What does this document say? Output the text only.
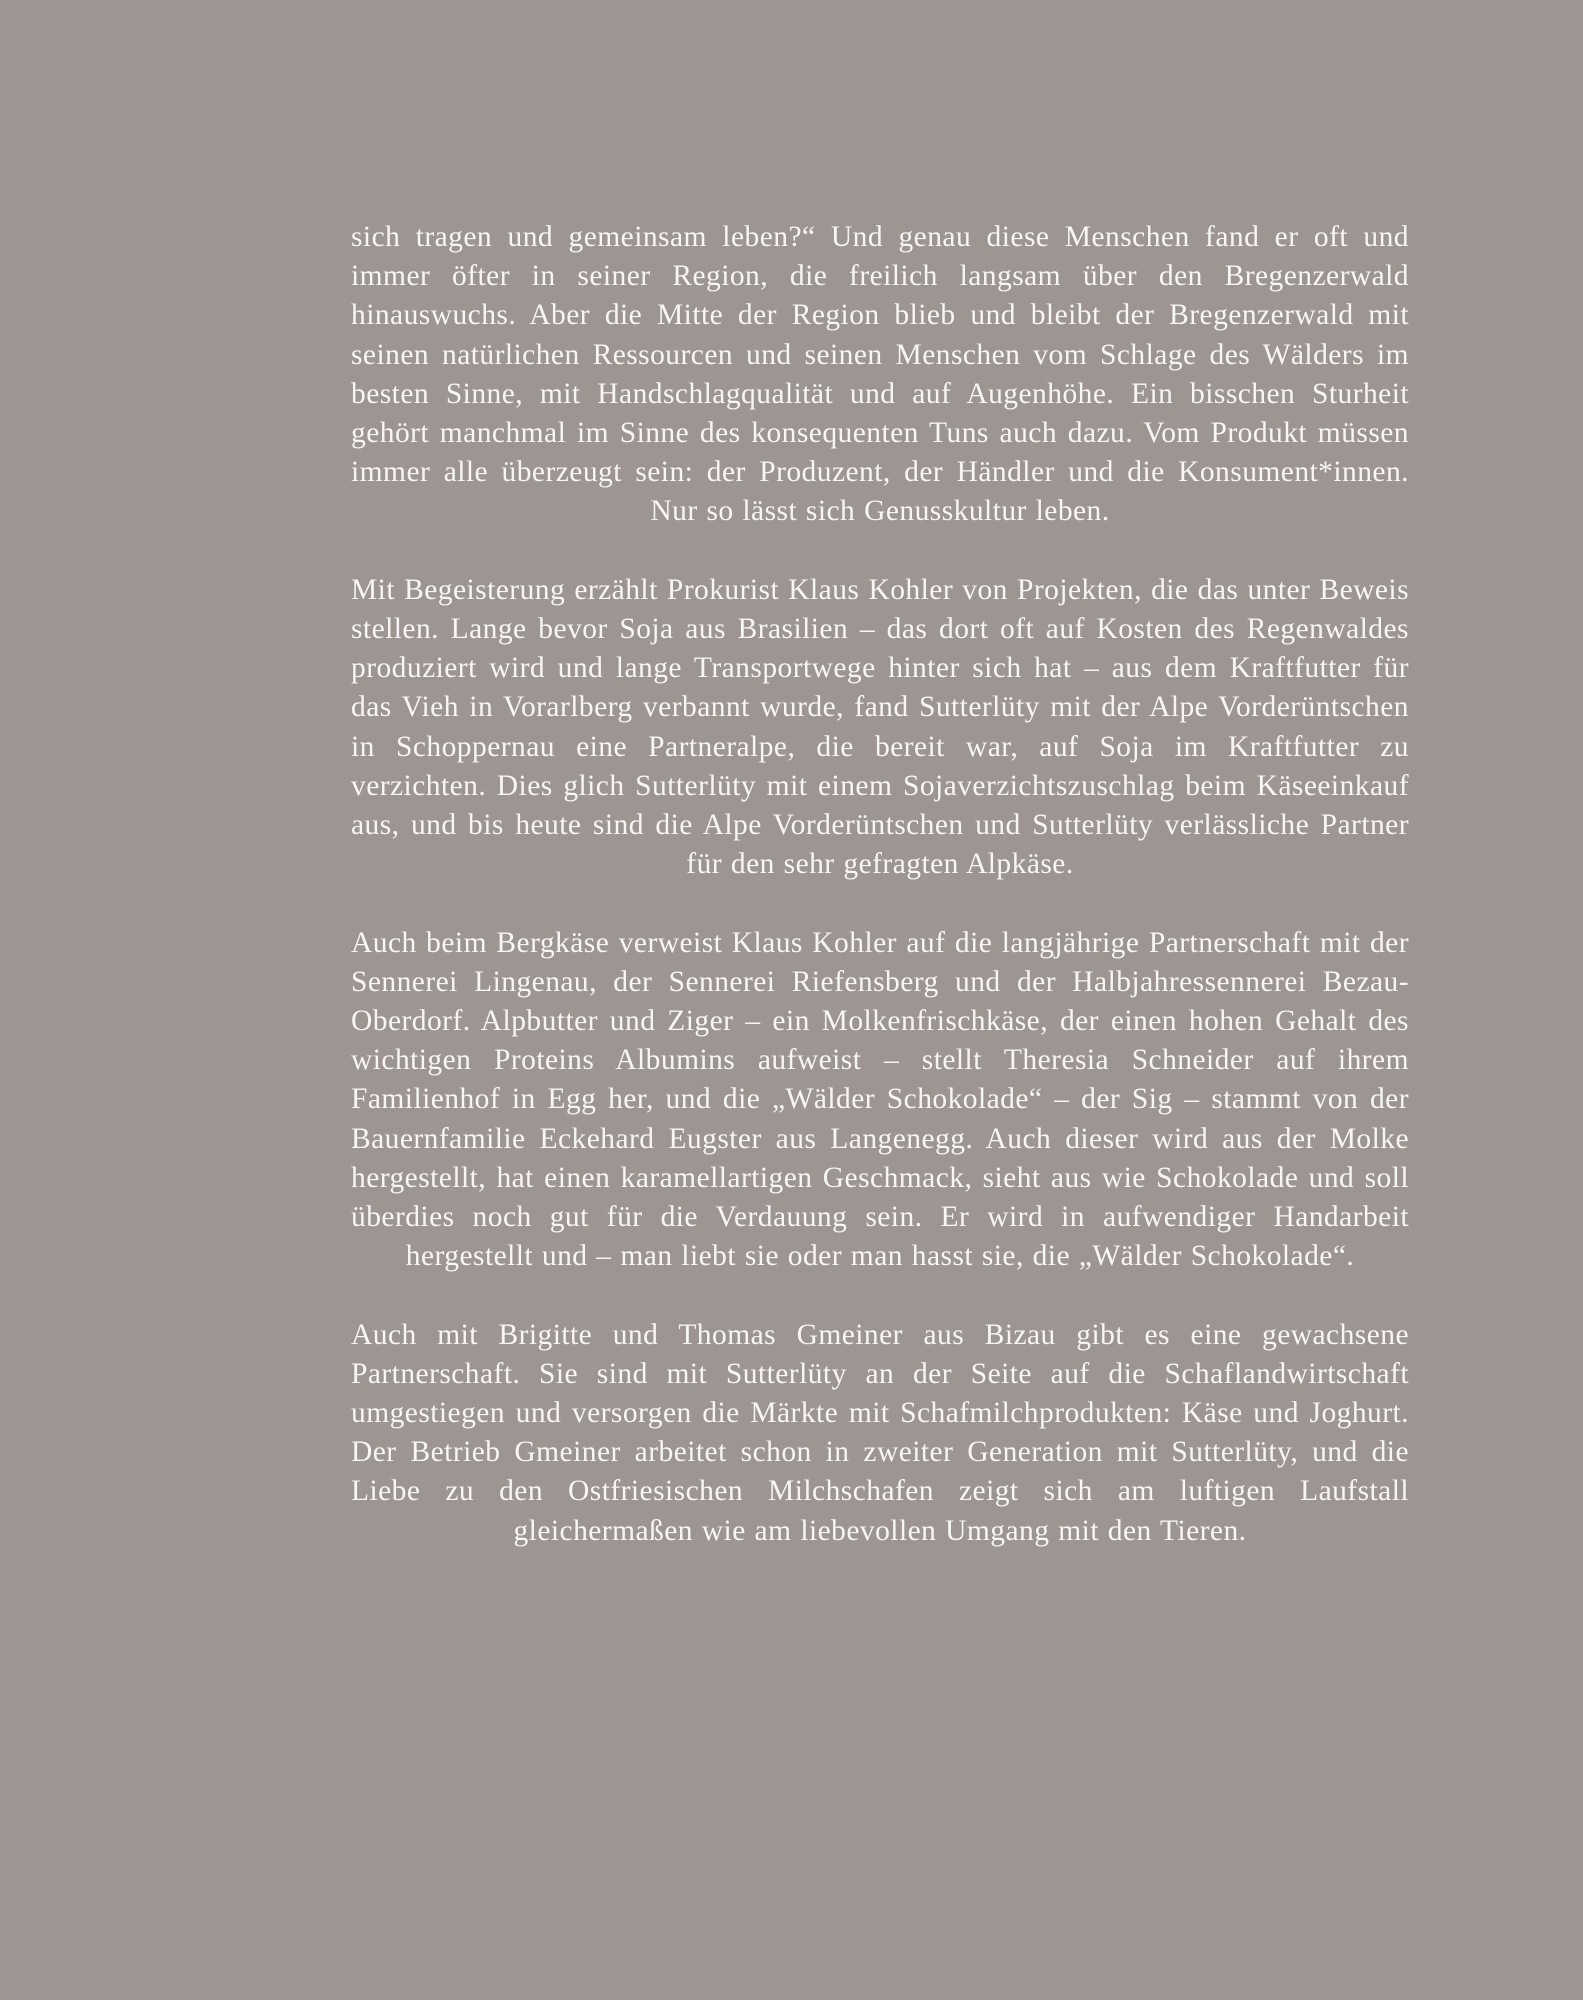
sich tragen und gemeinsam leben?“ Und genau diese Menschen fand er oft und immer öfter in seiner Region, die freilich langsam über den Bregenzerwald hinauswuchs. Aber die Mitte der Region blieb und bleibt der Bregenzerwald mit seinen natürlichen Ressourcen und seinen Menschen vom Schlage des Wälders im besten Sinne, mit Handschlagqualität und auf Augenhöhe. Ein bisschen Sturheit gehört manchmal im Sinne des konsequenten Tuns auch dazu. Vom Produkt müssen immer alle überzeugt sein: der Produzent, der Händler und die Konsument*innen. Nur so lässt sich Genusskultur leben.

Mit Begeisterung erzählt Prokurist Klaus Kohler von Projekten, die das unter Beweis stellen. Lange bevor Soja aus Brasilien – das dort oft auf Kosten des Regenwaldes produziert wird und lange Transportwege hinter sich hat – aus dem Kraftfutter für das Vieh in Vorarlberg verbannt wurde, fand Sutterlüty mit der Alpe Vorderüntschen in Schoppernau eine Partneralpe, die bereit war, auf Soja im Kraftfutter zu verzichten. Dies glich Sutterlüty mit einem Sojaverzichtszuschlag beim Käseeinkauf aus, und bis heute sind die Alpe Vorderüntschen und Sutterlüty verlässliche Partner für den sehr gefragten Alpkäse.

Auch beim Bergkäse verweist Klaus Kohler auf die langjährige Partnerschaft mit der Sennerei Lingenau, der Sennerei Riefensberg und der Halbjahressennerei Bezau-Oberdorf. Alpbutter und Ziger – ein Molkenfrischkäse, der einen hohen Gehalt des wichtigen Proteins Albumins aufweist – stellt Theresia Schneider auf ihrem Familienhof in Egg her, und die „Wälder Schokolade“ – der Sig – stammt von der Bauernfamilie Eckehard Eugster aus Langenegg. Auch dieser wird aus der Molke hergestellt, hat einen karamellartigen Geschmack, sieht aus wie Schokolade und soll überdies noch gut für die Verdauung sein. Er wird in aufwendiger Handarbeit hergestellt und – man liebt sie oder man hasst sie, die „Wälder Schokolade“.

Auch mit Brigitte und Thomas Gmeiner aus Bizau gibt es eine gewachsene Partnerschaft. Sie sind mit Sutterlüty an der Seite auf die Schaflandwirtschaft umgestiegen und versorgen die Märkte mit Schafmilchprodukten: Käse und Joghurt. Der Betrieb Gmeiner arbeitet schon in zweiter Generation mit Sutterlüty, und die Liebe zu den Ostfriesischen Milchschafen zeigt sich am luftigen Laufstall gleichermaßen wie am liebevollen Umgang mit den Tieren.
